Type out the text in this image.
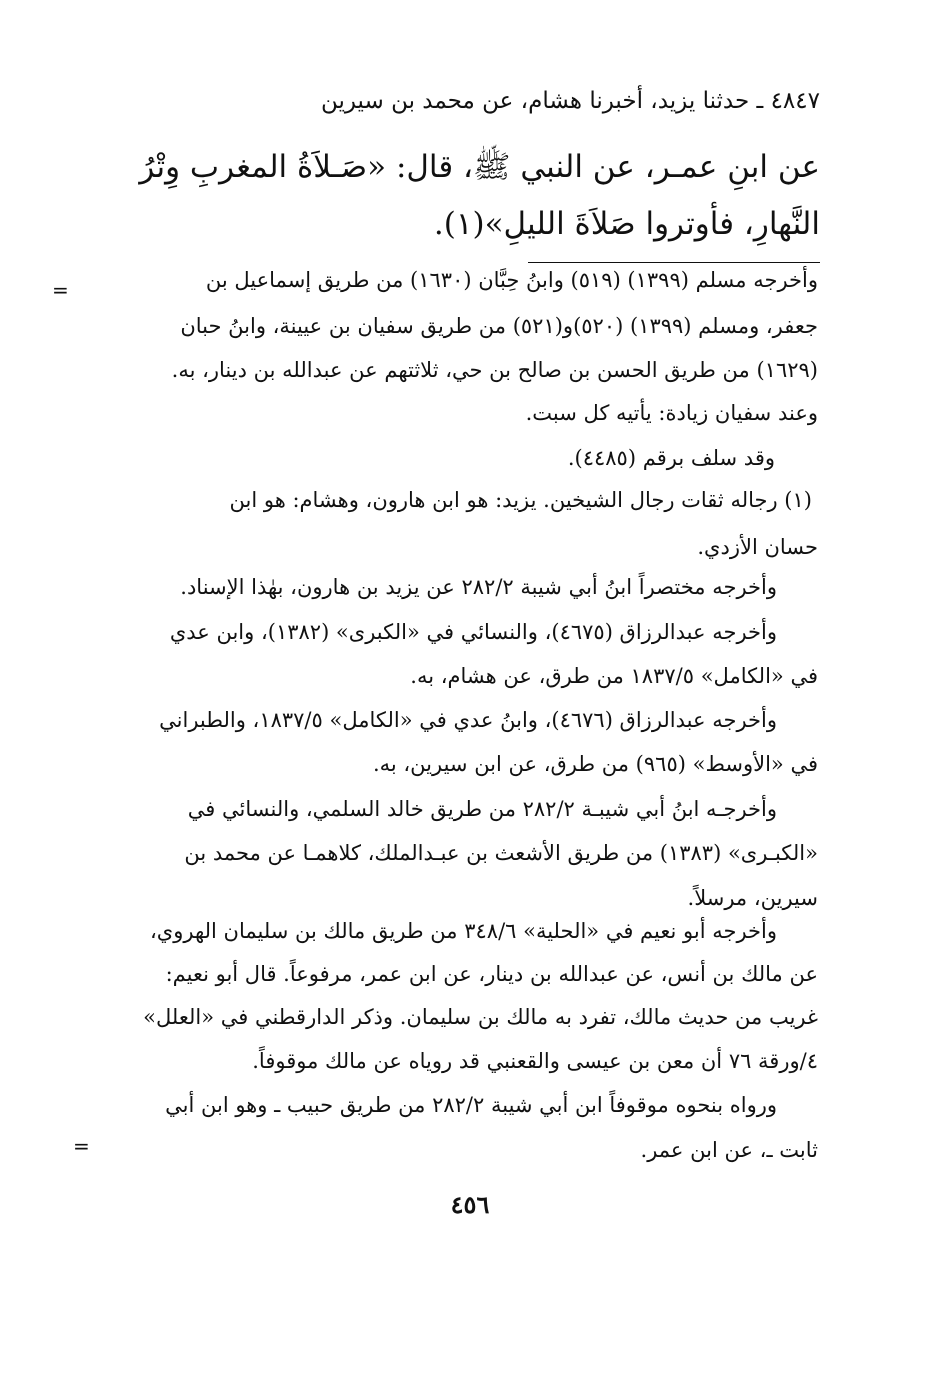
٤٨٤٧ ـ حدثنا يزيد، أخبرنا هشام، عن محمد بن سيرين
عن ابنِ عمـر، عن النبي ﷺ، قال: «صَـلاَةُ المغربِ وِتْرُ
النَّهارِ، فأوتروا صَلاَةَ الليلِ»(١).
=	وأخرجه مسلم (١٣٩٩) (٥١٩) وابنُ حِبَّان (١٦٣٠) من طريق إسماعيل بن
جعفر، ومسلم (١٣٩٩) (٥٢٠)و(٥٢١) من طريق سفيان بن عيينة، وابنُ حبان
(١٦٢٩) من طريق الحسن بن صالح بن حي، ثلاثتهم عن عبدالله بن دينار، به.
وعند سفيان زيادة: يأتيه كل سبت.
وقد سلف برقم (٤٤٨٥).
(١) رجاله ثقات رجال الشيخين. يزيد: هو ابن هارون، وهشام: هو ابن
حسان الأزدي.
وأخرجه مختصراً ابنُ أبي شيبة ٢٨٢/٢ عن يزيد بن هارون، بهٰذا الإسناد.
وأخرجه عبدالرزاق (٤٦٧٥)، والنسائي في «الكبرى» (١٣٨٢)، وابن عدي
في «الكامل» ١٨٣٧/٥ من طرق، عن هشام، به.
وأخرجه عبدالرزاق (٤٦٧٦)، وابنُ عدي في «الكامل» ١٨٣٧/٥، والطبراني
في «الأوسط» (٩٦٥) من طرق، عن ابن سيرين، به.
وأخرجـه ابنُ أبي شيبـة ٢٨٢/٢ من طريق خالد السلمي، والنسائي في
«الكبـرى» (١٣٨٣) من طريق الأشعث بن عبـدالملك، كلاهمـا عن محمد بن
سيرين، مرسلاً.
وأخرجه أبو نعيم في «الحلية» ٣٤٨/٦ من طريق مالك بن سليمان الهروي،
عن مالك بن أنس، عن عبدالله بن دينار، عن ابن عمر، مرفوعاً. قال أبو نعيم:
غريب من حديث مالك، تفرد به مالك بن سليمان. وذكر الدارقطني في «العلل»
٤/ورقة ٧٦ أن معن بن عيسى والقعنبي قد روياه عن مالك موقوفاً.
ورواه بنحوه موقوفاً ابن أبي شيبة ٢٨٢/٢ من طريق حبيب ـ وهو ابن أبي
ثابت ـ، عن ابن عمر.
=
٤٥٦
